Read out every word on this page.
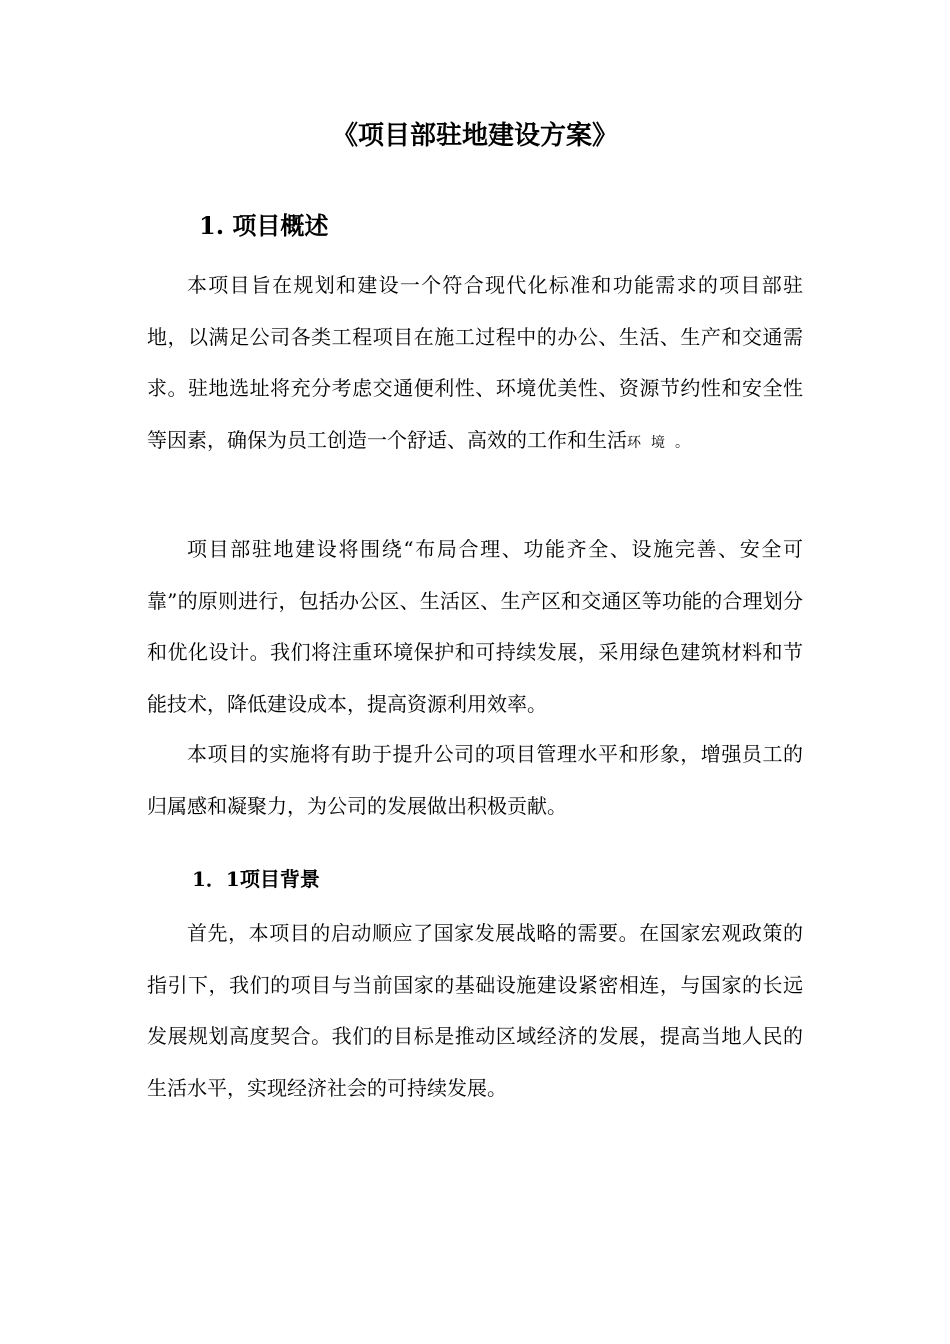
《项目部驻地建设方案》
1. 项目概述

本项目旨在规划和建设一个符合现代化标准和功能需求的项目部驻地，以满足公司各类工程项目在施工过程中的办公、生活、生产和交通需求。驻地选址将充分考虑交通便利性、环境优美性、资源节约性和安全性等因素，确保为员工创造一个舒适、高效的工作和生活环境。

项目部驻地建设将围绕“布局合理、功能齐全、设施完善、安全可靠”的原则进行，包括办公区、生活区、生产区和交通区等功能的合理划分和优化设计。我们将注重环境保护和可持续发展，采用绿色建筑材料和节能技术，降低建设成本，提高资源利用效率。

本项目的实施将有助于提升公司的项目管理水平和形象，增强员工的归属感和凝聚力，为公司的发展做出积极贡献。

1．1项目背景

首先，本项目的启动顺应了国家发展战略的需要。在国家宏观政策的指引下，我们的项目与当前国家的基础设施建设紧密相连，与国家的长远发展规划高度契合。我们的目标是推动区域经济的发展，提高当地人民的生活水平，实现经济社会的可持续发展。
